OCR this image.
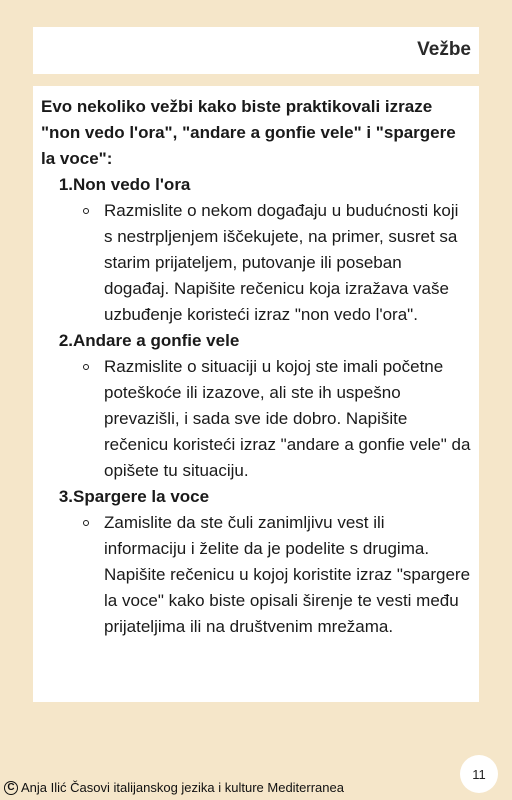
Vežbe

Evo nekoliko vežbi kako biste praktikovali izraze "non vedo l'ora", "andare a gonfie vele" i "spargere la voce":

1. Non vedo l'ora
Razmislite o nekom događaju u budućnosti koji s nestrpljenjem iščekujete, na primer, susret sa starim prijateljem, putovanje ili poseban događaj. Napišite rečenicu koja izražava vaše uzbuđenje koristeći izraz "non vedo l'ora".
2. Andare a gonfie vele
Razmislite o situaciji u kojoj ste imali početne poteškoće ili izazove, ali ste ih uspešno prevazišli, i sada sve ide dobro. Napišite rečenicu koristeći izraz "andare a gonfie vele" da opišete tu situaciju.
3. Spargere la voce
Zamislite da ste čuli zanimljivu vest ili informaciju i želite da je podelite s drugima. Napišite rečenicu u kojoj koristite izraz "spargere la voce" kako biste opisali širenje te vesti među prijateljima ili na društvenim mrežama.
11
C Anja Ilić Časovi italijanskog jezika i kulture Mediterranea
